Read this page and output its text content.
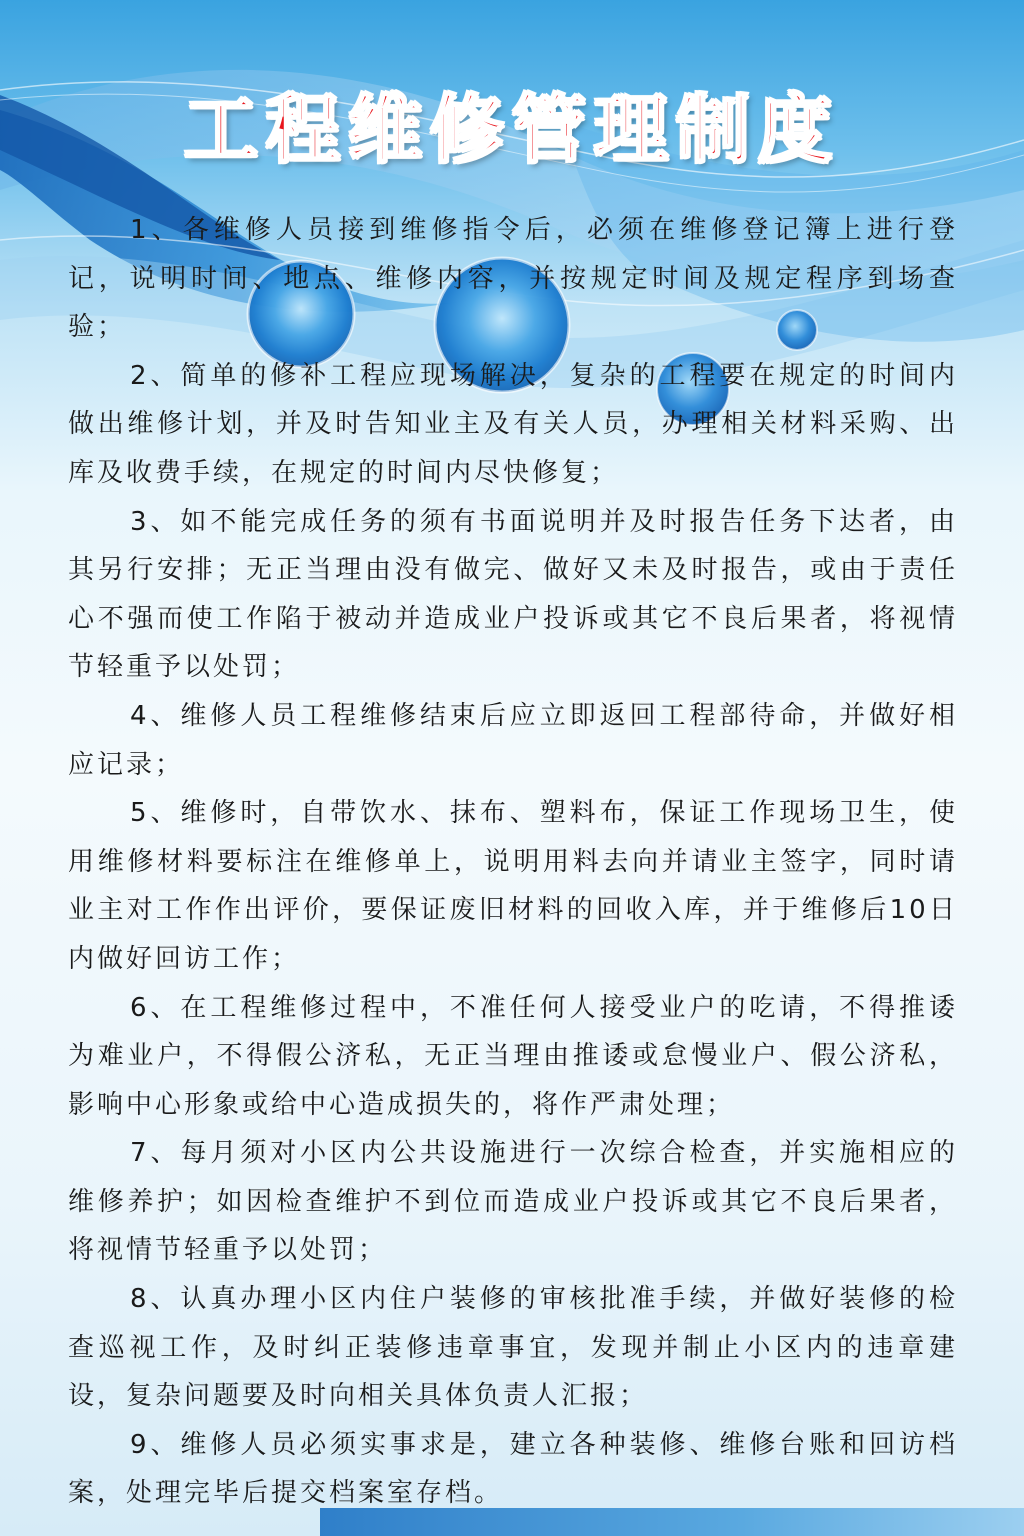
工程维修管理制度

1、各维修人员接到维修指令后，必须在维修登记簿上进行登记，说明时间、地点、维修内容，并按规定时间及规定程序到场查验；

2、简单的修补工程应现场解决，复杂的工程要在规定的时间内做出维修计划，并及时告知业主及有关人员，办理相关材料采购、出库及收费手续，在规定的时间内尽快修复；

3、如不能完成任务的须有书面说明并及时报告任务下达者，由其另行安排；无正当理由没有做完、做好又未及时报告，或由于责任心不强而使工作陷于被动并造成业户投诉或其它不良后果者，将视情节轻重予以处罚；

4、维修人员工程维修结束后应立即返回工程部待命，并做好相应记录；

5、维修时，自带饮水、抹布、塑料布，保证工作现场卫生，使用维修材料要标注在维修单上，说明用料去向并请业主签字，同时请业主对工作作出评价，要保证废旧材料的回收入库，并于维修后10日内做好回访工作；

6、在工程维修过程中，不准任何人接受业户的吃请，不得推诿为难业户，不得假公济私，无正当理由推诿或怠慢业户、假公济私，影响中心形象或给中心造成损失的，将作严肃处理；

7、每月须对小区内公共设施进行一次综合检查，并实施相应的维修养护；如因检查维护不到位而造成业户投诉或其它不良后果者，将视情节轻重予以处罚；

8、认真办理小区内住户装修的审核批准手续，并做好装修的检查巡视工作，及时纠正装修违章事宜，发现并制止小区内的违章建设，复杂问题要及时向相关具体负责人汇报；

9、维修人员必须实事求是，建立各种装修、维修台账和回访档案，处理完毕后提交档案室存档。
